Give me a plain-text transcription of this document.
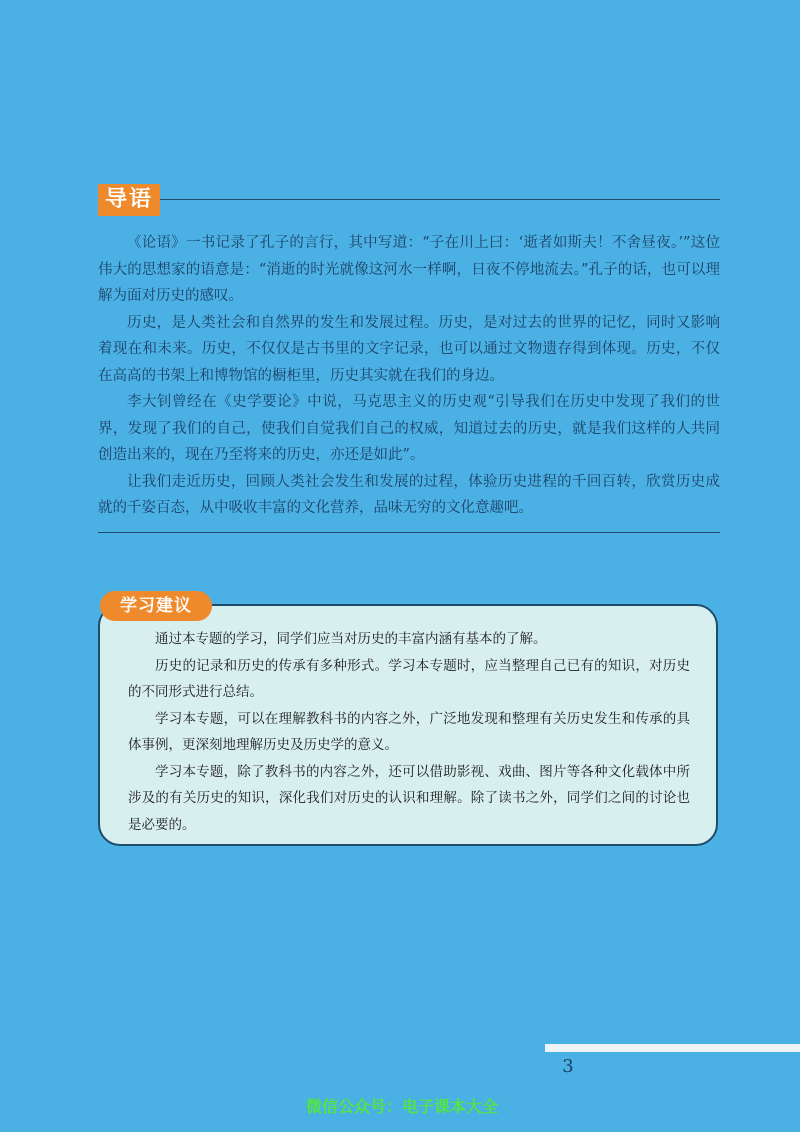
导语

《论语》一书记录了孔子的言行，其中写道：“子在川上曰：‘逝者如斯夫！不舍昼夜。’”这位伟大的思想家的语意是：“消逝的时光就像这河水一样啊，日夜不停地流去。”孔子的话，也可以理解为面对历史的感叹。

历史，是人类社会和自然界的发生和发展过程。历史，是对过去的世界的记忆，同时又影响着现在和未来。历史，不仅仅是古书里的文字记录，也可以通过文物遗存得到体现。历史，不仅在高高的书架上和博物馆的橱柜里，历史其实就在我们的身边。

李大钊曾经在《史学要论》中说，马克思主义的历史观“引导我们在历史中发现了我们的世界，发现了我们的自己，使我们自觉我们自己的权威，知道过去的历史，就是我们这样的人共同创造出来的，现在乃至将来的历史，亦还是如此”。

让我们走近历史，回顾人类社会发生和发展的过程，体验历史进程的千回百转，欣赏历史成就的千姿百态，从中吸收丰富的文化营养，品味无穷的文化意趣吧。

学习建议

通过本专题的学习，同学们应当对历史的丰富内涵有基本的了解。

历史的记录和历史的传承有多种形式。学习本专题时，应当整理自己已有的知识，对历史的不同形式进行总结。

学习本专题，可以在理解教科书的内容之外，广泛地发现和整理有关历史发生和传承的具体事例，更深刻地理解历史及历史学的意义。

学习本专题，除了教科书的内容之外，还可以借助影视、戏曲、图片等各种文化载体中所涉及的有关历史的知识，深化我们对历史的认识和理解。除了读书之外，同学们之间的讨论也是必要的。

3
微信公众号：电子课本大全
